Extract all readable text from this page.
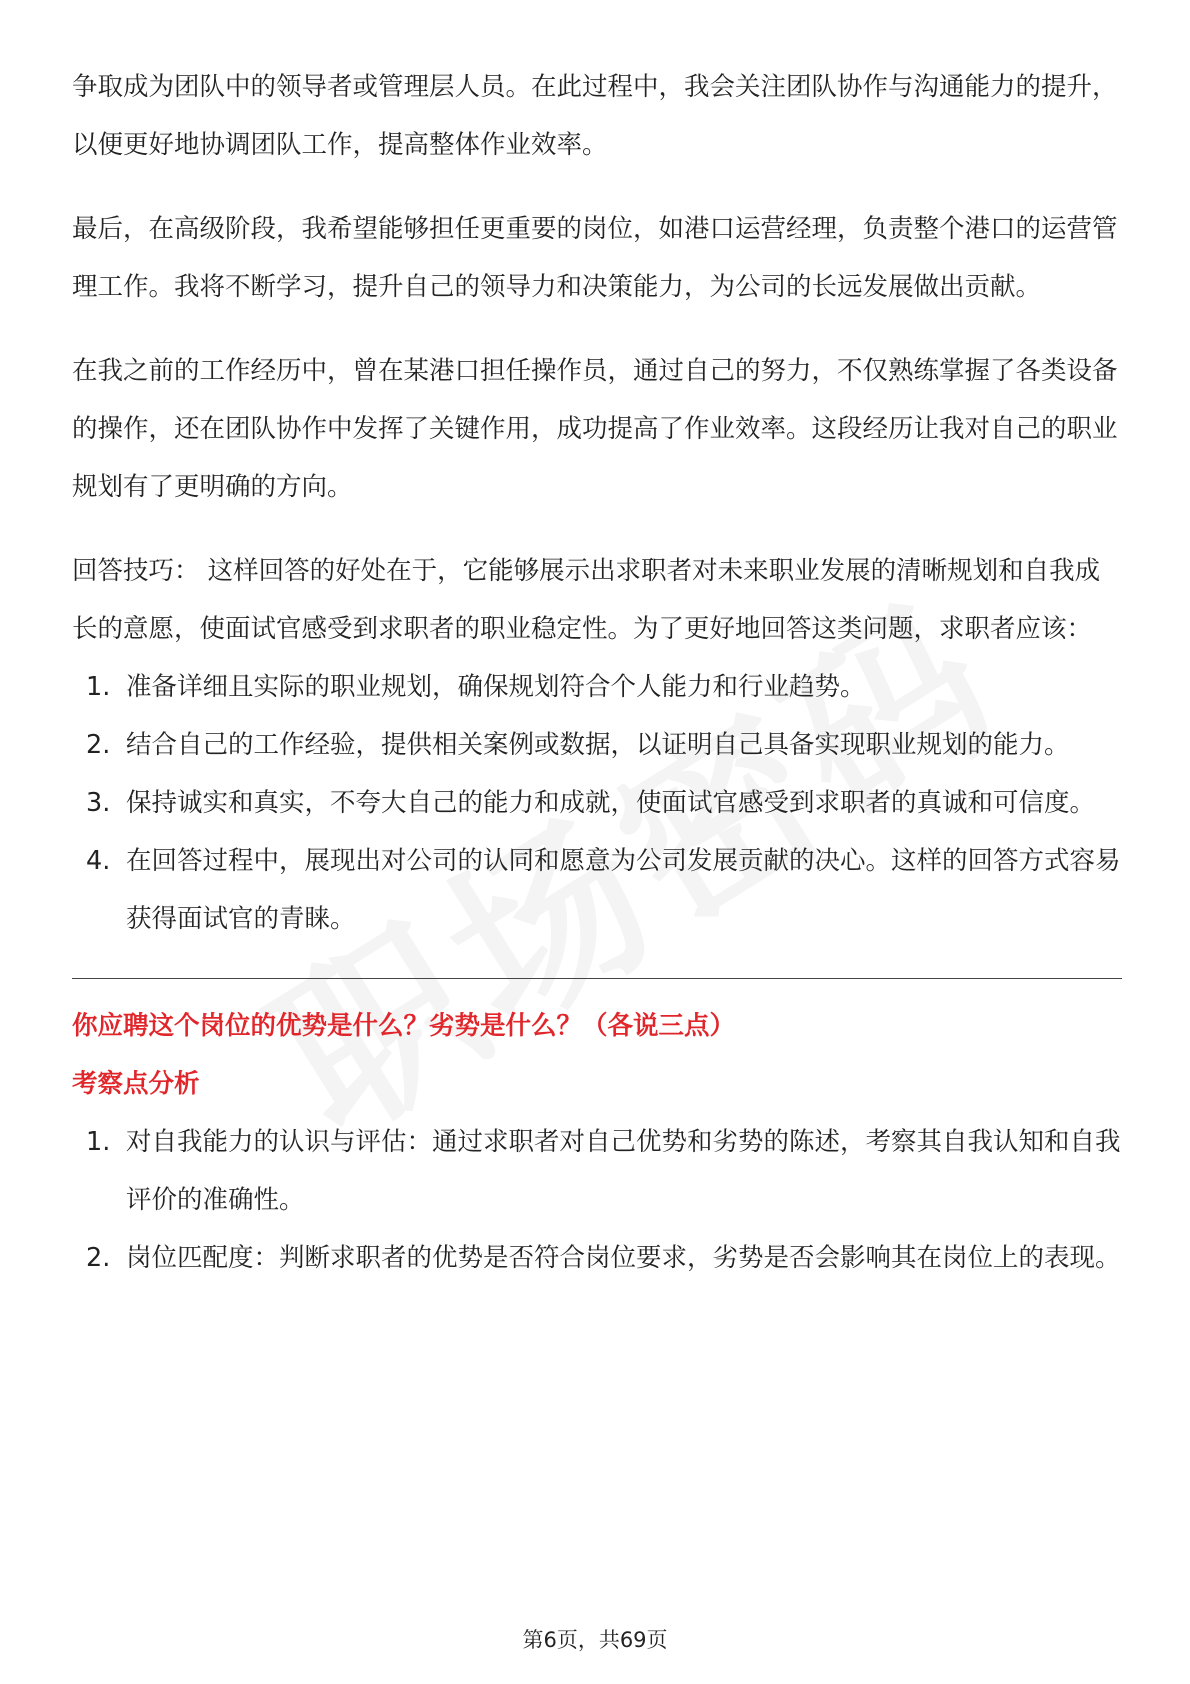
争取成为团队中的领导者或管理层人员。在此过程中，我会关注团队协作与沟通能力的提升，以便更好地协调团队工作，提高整体作业效率。

最后，在高级阶段，我希望能够担任更重要的岗位，如港口运营经理，负责整个港口的运营管理工作。我将不断学习，提升自己的领导力和决策能力，为公司的长远发展做出贡献。

在我之前的工作经历中，曾在某港口担任操作员，通过自己的努力，不仅熟练掌握了各类设备的操作，还在团队协作中发挥了关键作用，成功提高了作业效率。这段经历让我对自己的职业规划有了更明确的方向。

回答技巧： 这样回答的好处在于，它能够展示出求职者对未来职业发展的清晰规划和自我成长的意愿，使面试官感受到求职者的职业稳定性。为了更好地回答这类问题，求职者应该：

1. 准备详细且实际的职业规划，确保规划符合个人能力和行业趋势。
2. 结合自己的工作经验，提供相关案例或数据，以证明自己具备实现职业规划的能力。
3. 保持诚实和真实，不夸大自己的能力和成就，使面试官感受到求职者的真诚和可信度。
4. 在回答过程中，展现出对公司的认同和愿意为公司发展贡献的决心。这样的回答方式容易获得面试官的青睐。

你应聘这个岗位的优势是什么？劣势是什么？（各说三点）

考察点分析

1. 对自我能力的认识与评估：通过求职者对自己优势和劣势的陈述，考察其自我认知和自我评价的准确性。
2. 岗位匹配度：判断求职者的优势是否符合岗位要求，劣势是否会影响其在岗位上的表现。
第6页，共69页
